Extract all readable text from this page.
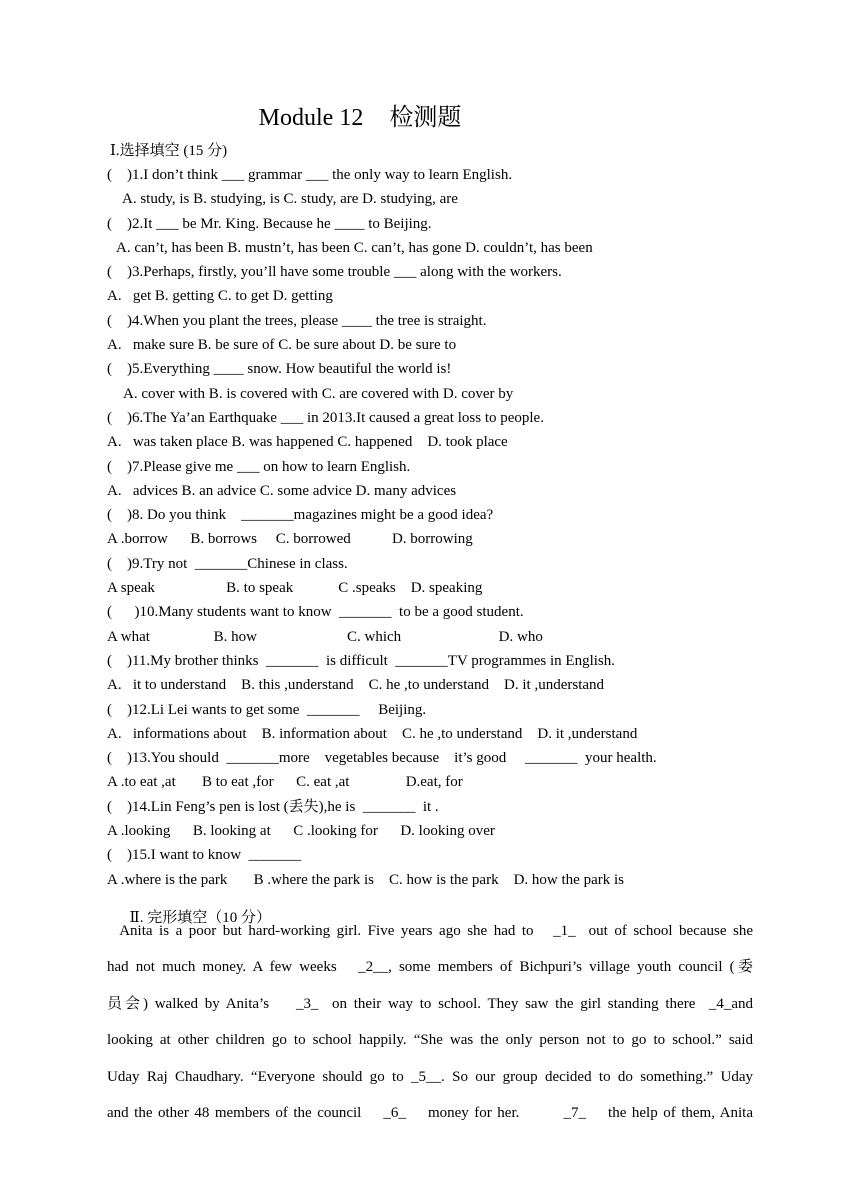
Module 12 检测题
Ⅰ.选择填空 (15 分)
(    )1.I don’t think ___ grammar ___ the only way to learn English.
A. study, is B. studying, is C. study, are D. studying, are
(    )2.It ___ be Mr. King. Because he ____ to Beijing.
A. can’t, has been B. mustn’t, has been C. can’t, has gone D. couldn’t, has been
(    )3.Perhaps, firstly, you’ll have some trouble ___ along with the workers.
A.   get B. getting C. to get D. getting
(    )4.When you plant the trees, please ____ the tree is straight.
A.   make sure B. be sure of C. be sure about D. be sure to
(    )5.Everything ____ snow. How beautiful the world is!
A. cover with B. is covered with C. are covered with D. cover by
(    )6.The Ya’an Earthquake ___ in 2013.It caused a great loss to people.
A.   was taken place B. was happened C. happened    D. took place
(    )7.Please give me ___ on how to learn English.
A.   advices B. an advice C. some advice D. many advices
(    )8. Do you think    _______magazines might be a good idea?
A .borrow      B. borrows     C. borrowed           D. borrowing
(    )9.Try not  _______Chinese in class.
A speak                   B. to speak            C .speaks    D. speaking
(      )10.Many students want to know  _______  to be a good student.
A what                 B. how                        C. which                          D. who
(    )11.My brother thinks  _______  is difficult  _______TV programmes in English.
A.   it to understand    B. this ,understand    C. he ,to understand    D. it ,understand
(    )12.Li Lei wants to get some  _______     Beijing.
A.   informations about    B. information about    C. he ,to understand    D. it ,understand
(    )13.You should  _______more    vegetables because    it’s good     _______  your health.
A .to eat ,at       B to eat ,for      C. eat ,at               D.eat, for
(    )14.Lin Feng’s pen is lost (丢失),he is  _______  it .
A .looking      B. looking at      C .looking for      D. looking over
(    )15.I want to know  _______
A .where is the park       B .where the park is    C. how is the park    D. how the park is

Ⅱ. 完形填空（10 分）

Anita is a poor but hard-working girl. Five years ago she had to   _1_  out of school because she
had not much money. A few weeks   _2__, some members of Bichpuri’s village youth council (委
员会) walked by Anita’s    _3_  on their way to school. They saw the girl standing there  _4_and
looking at other children go to school happily. “She was the only person not to go to school.” said
Uday Raj Chaudhary. “Everyone should go to _5__. So our group decided to do something.” Uday
and the other 48 members of the council    _6_    money for her.        _7_    the help of them, Anita
